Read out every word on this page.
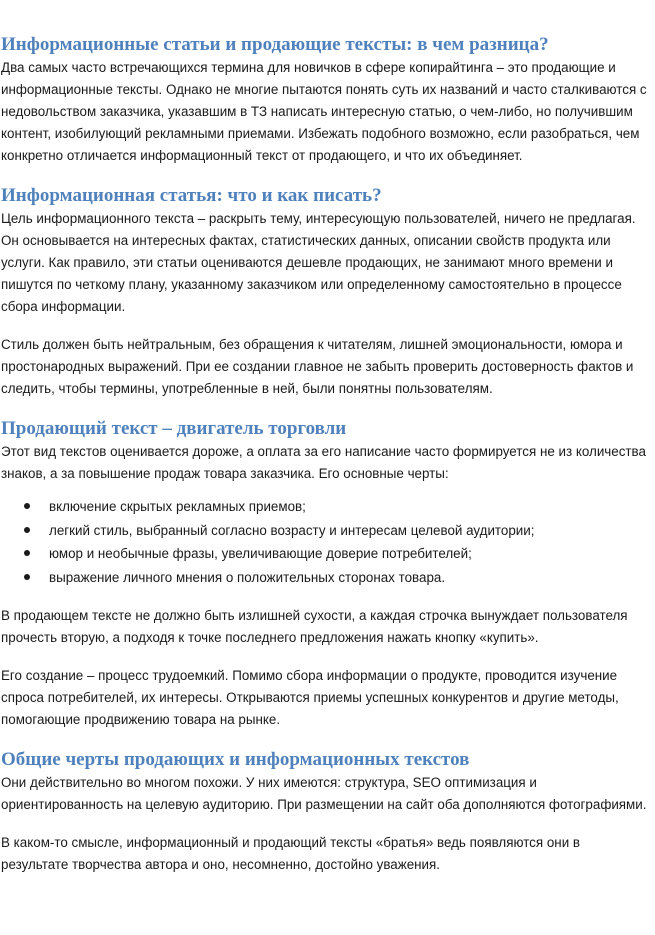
Информационные статьи и продающие тексты: в чем разница?

Два самых часто встречающихся термина для новичков в сфере копирайтинга – это продающие и информационные тексты. Однако не многие пытаются понять суть их названий и часто сталкиваются с недовольством заказчика, указавшим в ТЗ написать интересную статью, о чем-либо, но получившим контент, изобилующий рекламными приемами. Избежать подобного возможно, если разобраться, чем конкретно отличается информационный текст от продающего, и что их объединяет.

Информационная статья: что и как писать?

Цель информационного текста – раскрыть тему, интересующую пользователей, ничего не предлагая. Он основывается на интересных фактах, статистических данных, описании свойств продукта или услуги. Как правило, эти статьи оцениваются дешевле продающих, не занимают много времени и пишутся по четкому плану, указанному заказчиком или определенному самостоятельно в процессе сбора информации.

Стиль должен быть нейтральным, без обращения к читателям, лишней эмоциональности, юмора и простонародных выражений. При ее создании главное не забыть проверить достоверность фактов и следить, чтобы термины, употребленные в ней, были понятны пользователям.

Продающий текст – двигатель торговли

Этот вид текстов оценивается дороже, а оплата за его написание часто формируется не из количества знаков, а за повышение продаж товара заказчика. Его основные черты:

включение скрытых рекламных приемов;
легкий стиль, выбранный согласно возрасту и интересам целевой аудитории;
юмор и необычные фразы, увеличивающие доверие потребителей;
выражение личного мнения о положительных сторонах товара.

В продающем тексте не должно быть излишней сухости, а каждая строчка вынуждает пользователя прочесть вторую, а подходя к точке последнего предложения нажать кнопку «купить».

Его создание – процесс трудоемкий. Помимо сбора информации о продукте, проводится изучение спроса потребителей, их интересы. Открываются приемы успешных конкурентов и другие методы, помогающие продвижению товара на рынке.

Общие черты продающих и информационных текстов

Они действительно во многом похожи. У них имеются: структура, SEO оптимизация и ориентированность на целевую аудиторию. При размещении на сайт оба дополняются фотографиями.

В каком-то смысле, информационный и продающий тексты «братья» ведь появляются они в результате творчества автора и оно, несомненно, достойно уважения.
